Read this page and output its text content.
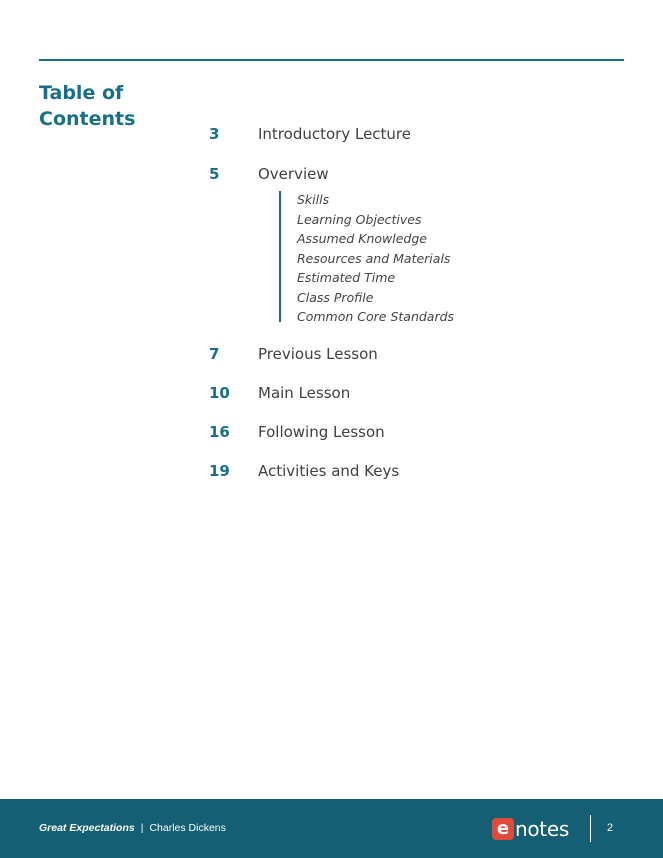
Table of
Contents
3	Introductory Lecture
5	Overview
Skills
Learning Objectives
Assumed Knowledge
Resources and Materials
Estimated Time
Class Profile
Common Core Standards
7	Previous Lesson
10	Main Lesson
16	Following Lesson
19	Activities and Keys
Great Expectations | Charles Dickens	e notes	2
